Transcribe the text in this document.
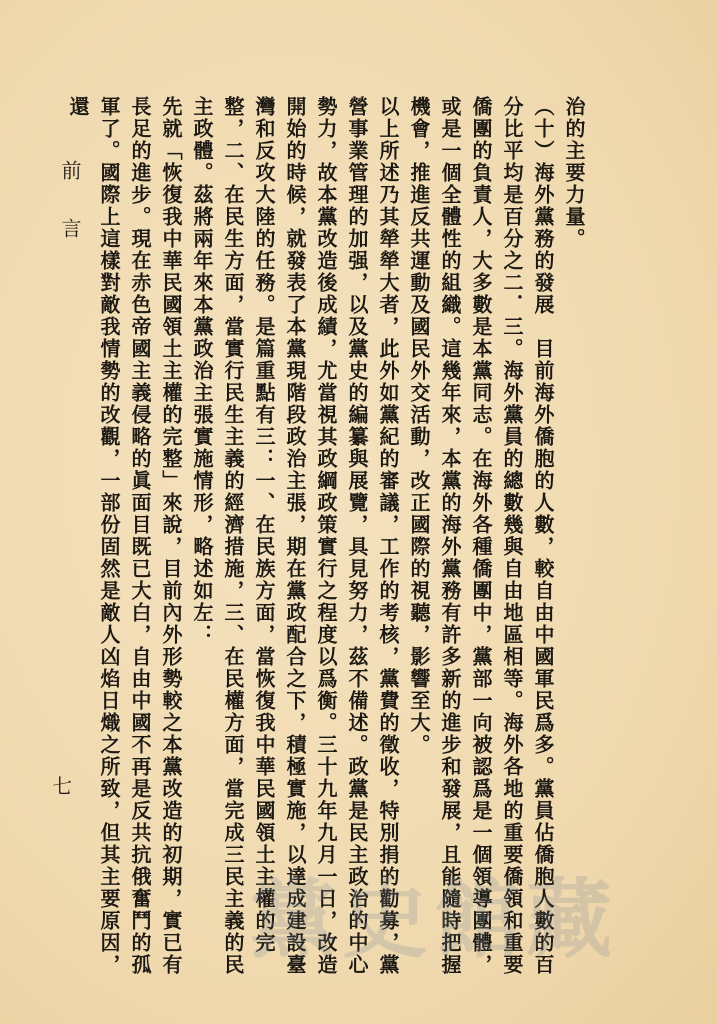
治的主要力量。

（十）海外黨務的發展　目前海外僑胞的人數，較自由中國軍民爲多。黨員佔僑胞人數的百分比平均是百分之二．三。海外黨員的總數幾與自由地區相等。海外各地的重要僑領和重要僑團的負責人，大多數是本黨同志。在海外各種僑團中，黨部一向被認爲是一個領導團體，或是一個全體性的組織。這幾年來，本黨的海外黨務有許多新的進步和發展，且能隨時把握機會，推進反共運動及國民外交活動，改正國際的視聽，影響至大。

以上所述乃其犖犖大者，此外如黨紀的審議，工作的考核，黨費的徵收，特別捐的勸募，黨營事業管理的加强，以及黨史的編纂與展覽，具見努力，茲不備述。政黨是民主政治的中心勢力，故本黨改造後成績，尤當視其政綱政策實行之程度以爲衡。三十九年九月一日，改造開始的時候，就發表了本黨現階段政治主張，期在黨政配合之下，積極實施，以達成建設臺灣和反攻大陸的任務。是篇重點有三：一、在民族方面，當恢復我中華民國領土主權的完整，二、在民生方面，當實行民生主義的經濟措施，三、在民權方面，當完成三民主義的民主政體。茲將兩年來本黨政治主張實施情形，略述如左：

先就「恢復我中華民國領土主權的完整」來說，目前內外形勢較之本黨改造的初期，實已有長足的進步。現在赤色帝國主義侵略的眞面目既已大白，自由中國不再是反共抗俄奮鬥的孤軍了。國際上這樣對敵我情勢的改觀，一部份固然是敵人凶焰日熾之所致，但其主要原因，還

前言
七
黨史館藏
